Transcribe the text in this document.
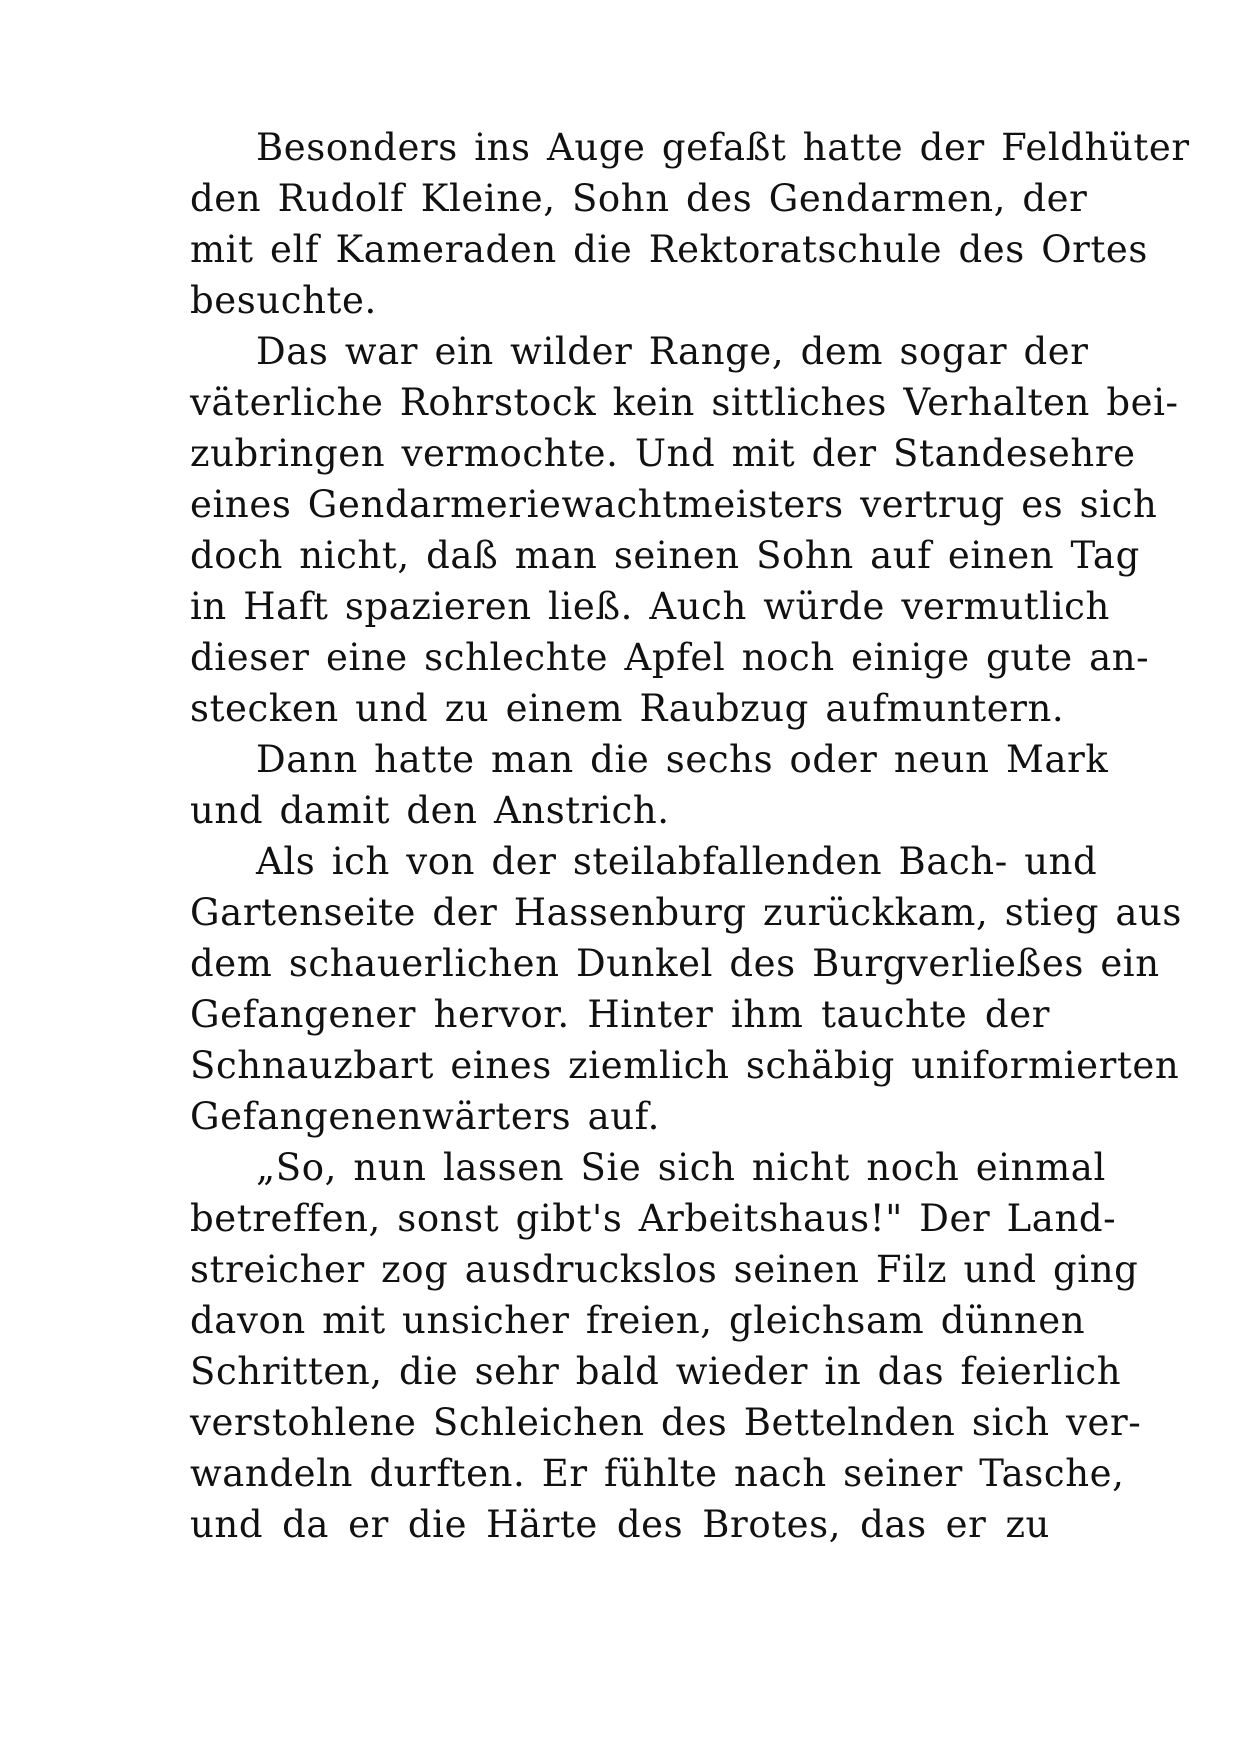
Besonders ins Auge gefaßt hatte der Feldhüter
den Rudolf Kleine, Sohn des Gendarmen, der
mit elf Kameraden die Rektoratschule des Ortes
besuchte.

Das war ein wilder Range, dem sogar der
väterliche Rohrstock kein sittliches Verhalten bei-
zubringen vermochte. Und mit der Standesehre
eines Gendarmeriewachtmeisters vertrug es sich
doch nicht, daß man seinen Sohn auf einen Tag
in Haft spazieren ließ. Auch würde vermutlich
dieser eine schlechte Apfel noch einige gute an-
stecken und zu einem Raubzug aufmuntern.

Dann hatte man die sechs oder neun Mark
und damit den Anstrich.

Als ich von der steilabfallenden Bach- und
Gartenseite der Hassenburg zurückkam, stieg aus
dem schauerlichen Dunkel des Burgverließes ein
Gefangener hervor. Hinter ihm tauchte der
Schnauzbart eines ziemlich schäbig uniformierten
Gefangenenwärters auf.

„So, nun lassen Sie sich nicht noch einmal
betreffen, sonst gibt's Arbeitshaus!" Der Land-
streicher zog ausdruckslos seinen Filz und ging
davon mit unsicher freien, gleichsam dünnen
Schritten, die sehr bald wieder in das feierlich
verstohlene Schleichen des Bettelnden sich ver-
wandeln durften. Er fühlte nach seiner Tasche,
und da er die Härte des Brotes, das er zu
